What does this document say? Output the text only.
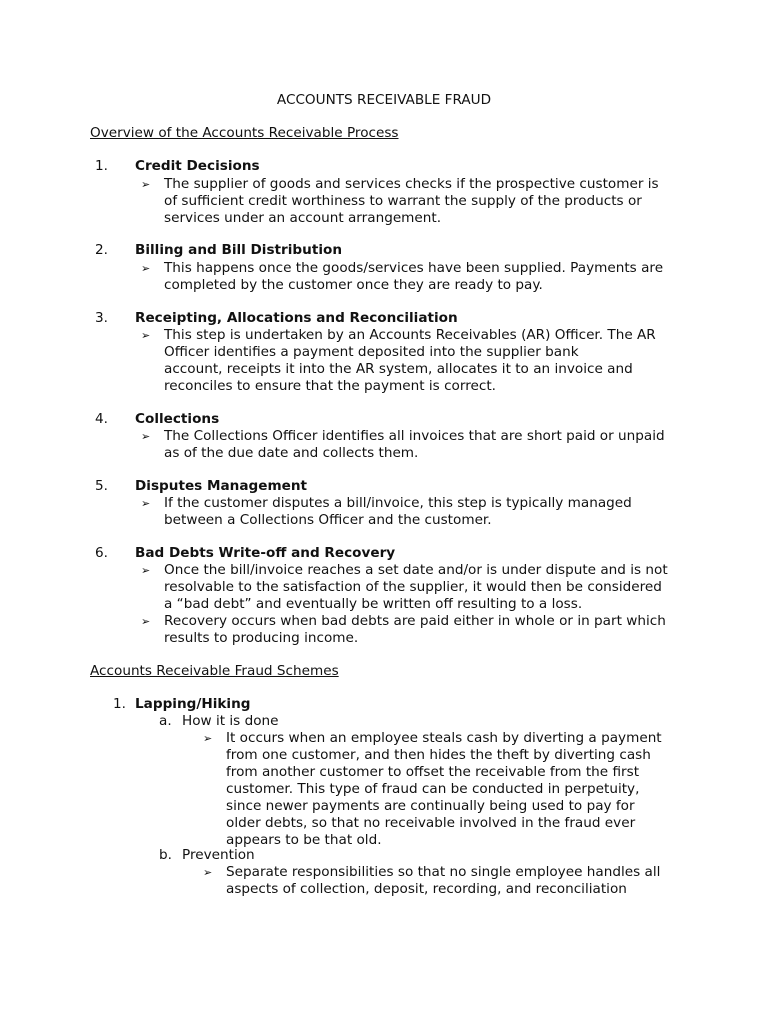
ACCOUNTS RECEIVABLE FRAUD
Overview of the Accounts Receivable Process
1. Credit Decisions
➢ The supplier of goods and services checks if the prospective customer is
of sufficient credit worthiness to warrant the supply of the products or
services under an account arrangement.
2. Billing and Bill Distribution
➢ This happens once the goods/services have been supplied. Payments are
completed by the customer once they are ready to pay.
3. Receipting, Allocations and Reconciliation
➢ This step is undertaken by an Accounts Receivables (AR) Officer. The AR
Officer identifies a payment deposited into the supplier bank
account, receipts it into the AR system, allocates it to an invoice and
reconciles to ensure that the payment is correct.
4. Collections
➢ The Collections Officer identifies all invoices that are short paid or unpaid
as of the due date and collects them.
5. Disputes Management
➢ If the customer disputes a bill/invoice, this step is typically managed
between a Collections Officer and the customer.
6. Bad Debts Write-off and Recovery
➢ Once the bill/invoice reaches a set date and/or is under dispute and is not
resolvable to the satisfaction of the supplier, it would then be considered
a “bad debt” and eventually be written off resulting to a loss.
➢ Recovery occurs when bad debts are paid either in whole or in part which
results to producing income.
Accounts Receivable Fraud Schemes
1. Lapping/Hiking
a. How it is done
➢ It occurs when an employee steals cash by diverting a payment
from one customer, and then hides the theft by diverting cash
from another customer to offset the receivable from the first
customer. This type of fraud can be conducted in perpetuity,
since newer payments are continually being used to pay for
older debts, so that no receivable involved in the fraud ever
appears to be that old.
b. Prevention
➢ Separate responsibilities so that no single employee handles all
aspects of collection, deposit, recording, and reconciliation
